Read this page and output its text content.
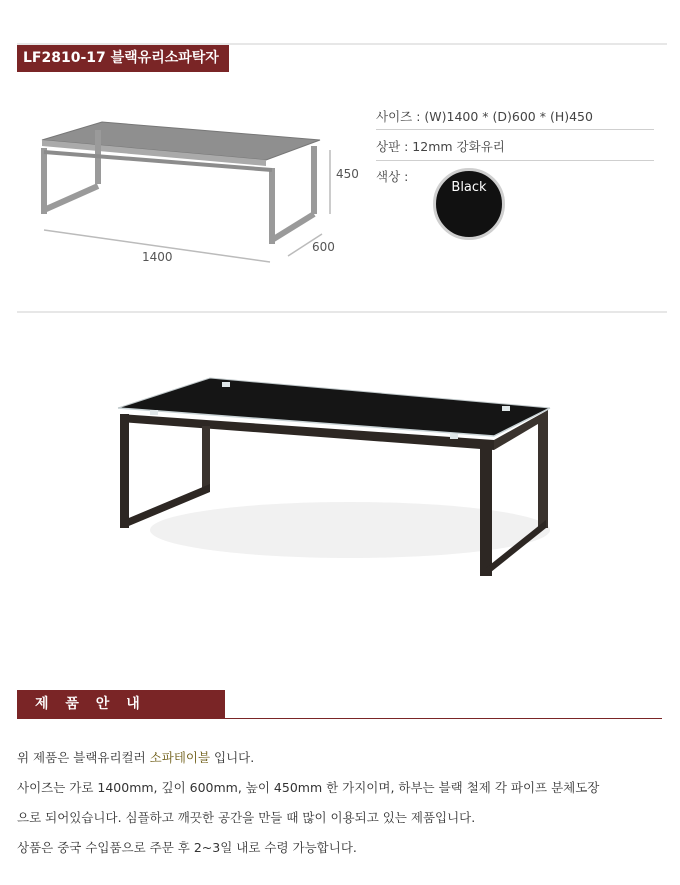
LF2810-17 블랙유리소파탁자
1400
450
600
사이즈 : (W)1400 * (D)600 * (H)450
상판 : 12mm 강화유리
색상 :
Black
제 품 안 내
위 제품은 블랙유리컬러 소파테이블 입니다.
사이즈는 가로 1400mm, 깊이 600mm, 높이 450mm 한 가지이며, 하부는 블랙 철제 각 파이프 분체도장
으로 되어있습니다. 심플하고 깨끗한 공간을 만들 때 많이 이용되고 있는 제품입니다.
상품은 중국 수입품으로 주문 후 2~3일 내로 수령 가능합니다.
